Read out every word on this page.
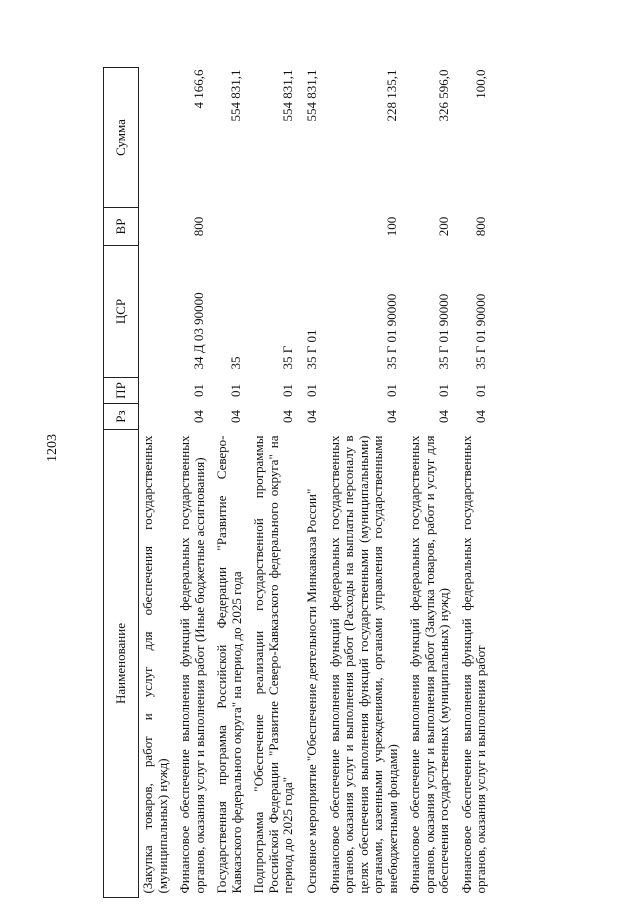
1203
Наименование	Рз	ПР	ЦСР	ВР	Сумма
(Закупка товаров, работ и услуг для обеспечения государственных (муниципальных) нужд)					
Финансовое обеспечение выполнения функций федеральных государственных органов, оказания услуг и выполнения работ (Иные бюджетные ассигнования)	04	01	34 Д 03 90000	800	4 166,6
Государственная программа Российской Федерации "Развитие Северо-Кавказского федерального округа" на период до 2025 года	04	01	35		554 831,1
Подпрограмма "Обеспечение реализации государственной программы Российской Федерации "Развитие Северо-Кавказского федерального округа" на период до 2025 года"	04	01	35 Г		554 831,1
Основное мероприятие "Обеспечение деятельности Минкавказа России"	04	01	35 Г 01		554 831,1
Финансовое обеспечение выполнения функций федеральных государственных органов, оказания услуг и выполнения работ (Расходы на выплаты персоналу в целях обеспечения выполнения функций государственными (муниципальными) органами, казенными учреждениями, органами управления государственными внебюджетными фондами)	04	01	35 Г 01 90000	100	228 135,1
Финансовое обеспечение выполнения функций федеральных государственных органов, оказания услуг и выполнения работ (Закупка товаров, работ и услуг для обеспечения государственных (муниципальных) нужд)	04	01	35 Г 01 90000	200	326 596,0
Финансовое обеспечение выполнения функций федеральных государственных органов, оказания услуг и выполнения работ	04	01	35 Г 01 90000	800	100,0
